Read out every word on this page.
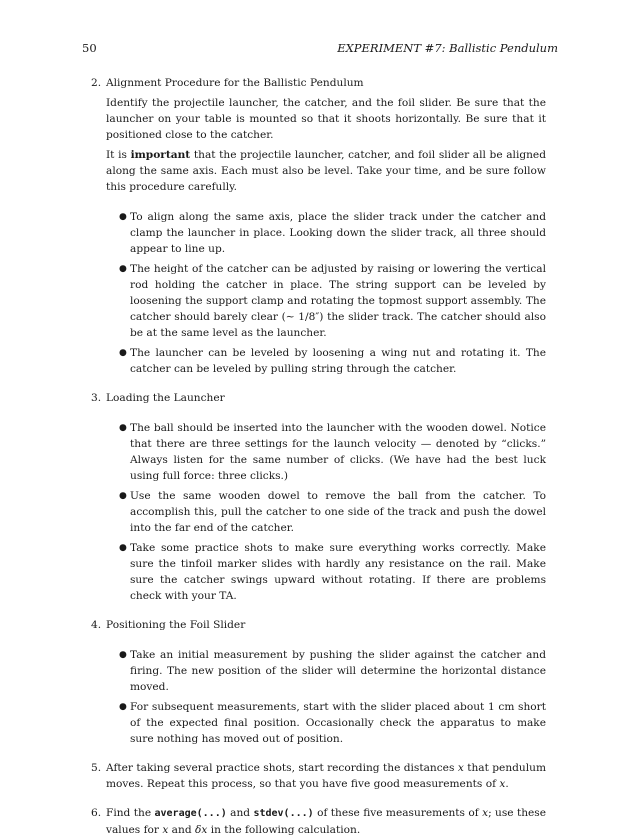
50	EXPERIMENT #7: Ballistic Pendulum
2. Alignment Procedure for the Ballistic Pendulum

Identify the projectile launcher, the catcher, and the foil slider. Be sure that the launcher on your table is mounted so that it shoots horizontally. Be sure that it positioned close to the catcher.

It is important that the projectile launcher, catcher, and foil slider all be aligned along the same axis. Each must also be level. Take your time, and be sure follow this procedure carefully.

● To align along the same axis, place the slider track under the catcher and clamp the launcher in place. Looking down the slider track, all three should appear to line up.
● The height of the catcher can be adjusted by raising or lowering the vertical rod holding the catcher in place. The string support can be leveled by loosening the support clamp and rotating the topmost support assembly. The catcher should barely clear (∼ 1/8″) the slider track. The catcher should also be at the same level as the launcher.
● The launcher can be leveled by loosening a wing nut and rotating it. The catcher can be leveled by pulling string through the catcher.
3. Loading the Launcher
● The ball should be inserted into the launcher with the wooden dowel. Notice that there are three settings for the launch velocity — denoted by “clicks.” Always listen for the same number of clicks. (We have had the best luck using full force: three clicks.)
● Use the same wooden dowel to remove the ball from the catcher. To accomplish this, pull the catcher to one side of the track and push the dowel into the far end of the catcher.
● Take some practice shots to make sure everything works correctly. Make sure the tinfoil marker slides with hardly any resistance on the rail. Make sure the catcher swings upward without rotating. If there are problems check with your TA.
4. Positioning the Foil Slider
● Take an initial measurement by pushing the slider against the catcher and firing. The new position of the slider will determine the horizontal distance moved.
● For subsequent measurements, start with the slider placed about 1 cm short of the expected final position. Occasionally check the apparatus to make sure nothing has moved out of position.
5. After taking several practice shots, start recording the distances x that pendulum moves. Repeat this process, so that you have five good measurements of x.

6. Find the average(...) and stdev(...) of these five measurements of x; use these values for x and δx in the following calculation.
